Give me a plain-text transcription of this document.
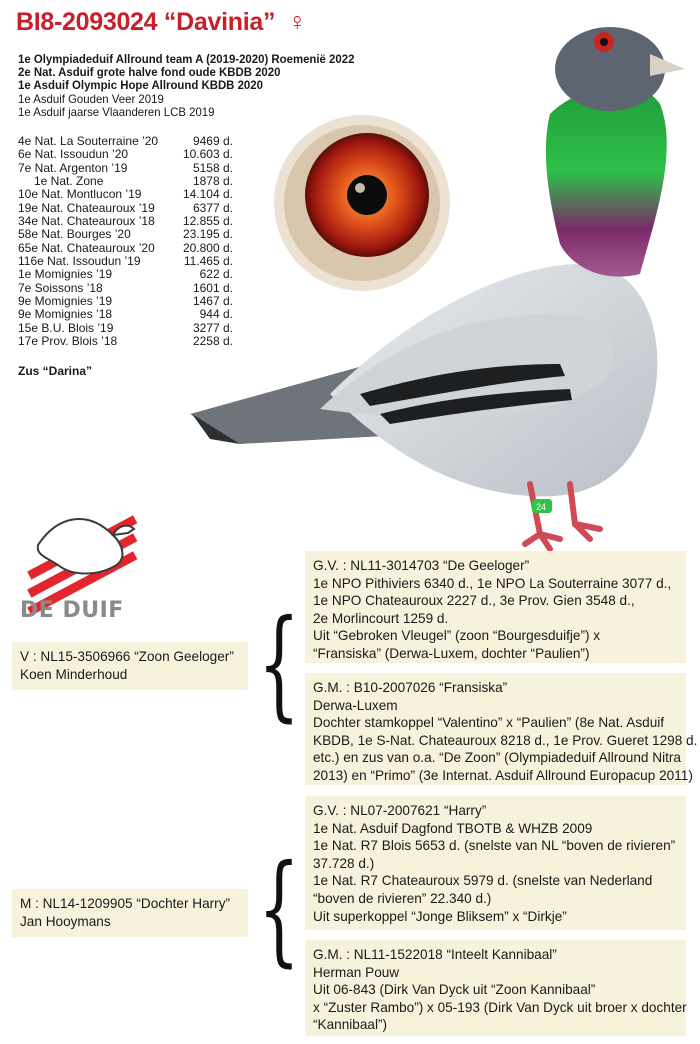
BI8-2093024 “Davinia” ♀
1e Olympiadeduif Allround team A (2019-2020) Roemenië 2022
2e Nat. Asduif grote halve fond oude KBDB 2020
1e Asduif Olympic Hope Allround KBDB 2020
1e Asduif Gouden Veer 2019
1e Asduif jaarse Vlaanderen LCB 2019
4e Nat. La Souterraine ’20	9469 d.
6e Nat. Issoudun ’20	10.603 d.
7e Nat. Argenton ’19	5158 d.
1e Nat. Zone	1878 d.
10e Nat. Montlucon ’19	14.104 d.
19e Nat. Chateauroux ’19	6377 d.
34e Nat. Chateauroux ’18 12.855 d.
58e Nat. Bourges ’20	23.195 d.
65e Nat. Chateauroux ’20 20.800 d.
116e Nat. Issoudun ’19	11.465 d.
1e Momignies ’19	622 d.
7e Soissons ’18	1601 d.
9e Momignies ’19	1467 d.
9e Momignies ’18	944 d.
15e B.U. Blois ’19	3277 d.
17e Prov. Blois ’18	2258 d.
Zus “Darina”
24
DE DUIF
G.V. : NL11-3014703 “De Geeloger”
1e NPO Pithiviers 6340 d., 1e NPO La Souterraine 3077 d.,
1e NPO Chateauroux 2227 d., 3e Prov. Gien 3548 d.,
2e Morlincourt 1259 d.
Uit “Gebroken Vleugel” (zoon “Bourgesduifje”) x
“Fransiska” (Derwa-Luxem, dochter “Paulien”)
G.M. : B10-2007026 “Fransiska”
Derwa-Luxem
Dochter stamkoppel “Valentino” x “Paulien” (8e Nat. Asduif
KBDB, 1e S-Nat. Chateauroux 8218 d., 1e Prov. Gueret 1298 d.
etc.) en zus van o.a. “De Zoon” (Olympiadeduif Allround Nitra
2013) en “Primo” (3e Internat. Asduif Allround Europacup 2011)
V : NL15-3506966 “Zoon Geeloger”
Koen Minderhoud
G.V. : NL07-2007621 “Harry”
1e Nat. Asduif Dagfond TBOTB & WHZB 2009
1e Nat. R7 Blois 5653 d. (snelste van NL “boven de rivieren”
37.728 d.)
1e Nat. R7 Chateauroux 5979 d. (snelste van Nederland
“boven de rivieren” 22.340 d.)
Uit superkoppel “Jonge Bliksem” x “Dirkje”
G.M. : NL11-1522018 “Inteelt Kannibaal”
Herman Pouw
Uit 06-843 (Dirk Van Dyck uit “Zoon Kannibaal”
x “Zuster Rambo”) x 05-193 (Dirk Van Dyck uit broer x dochter
“Kannibaal”)
M : NL14-1209905 “Dochter Harry”
Jan Hooymans
{
{
